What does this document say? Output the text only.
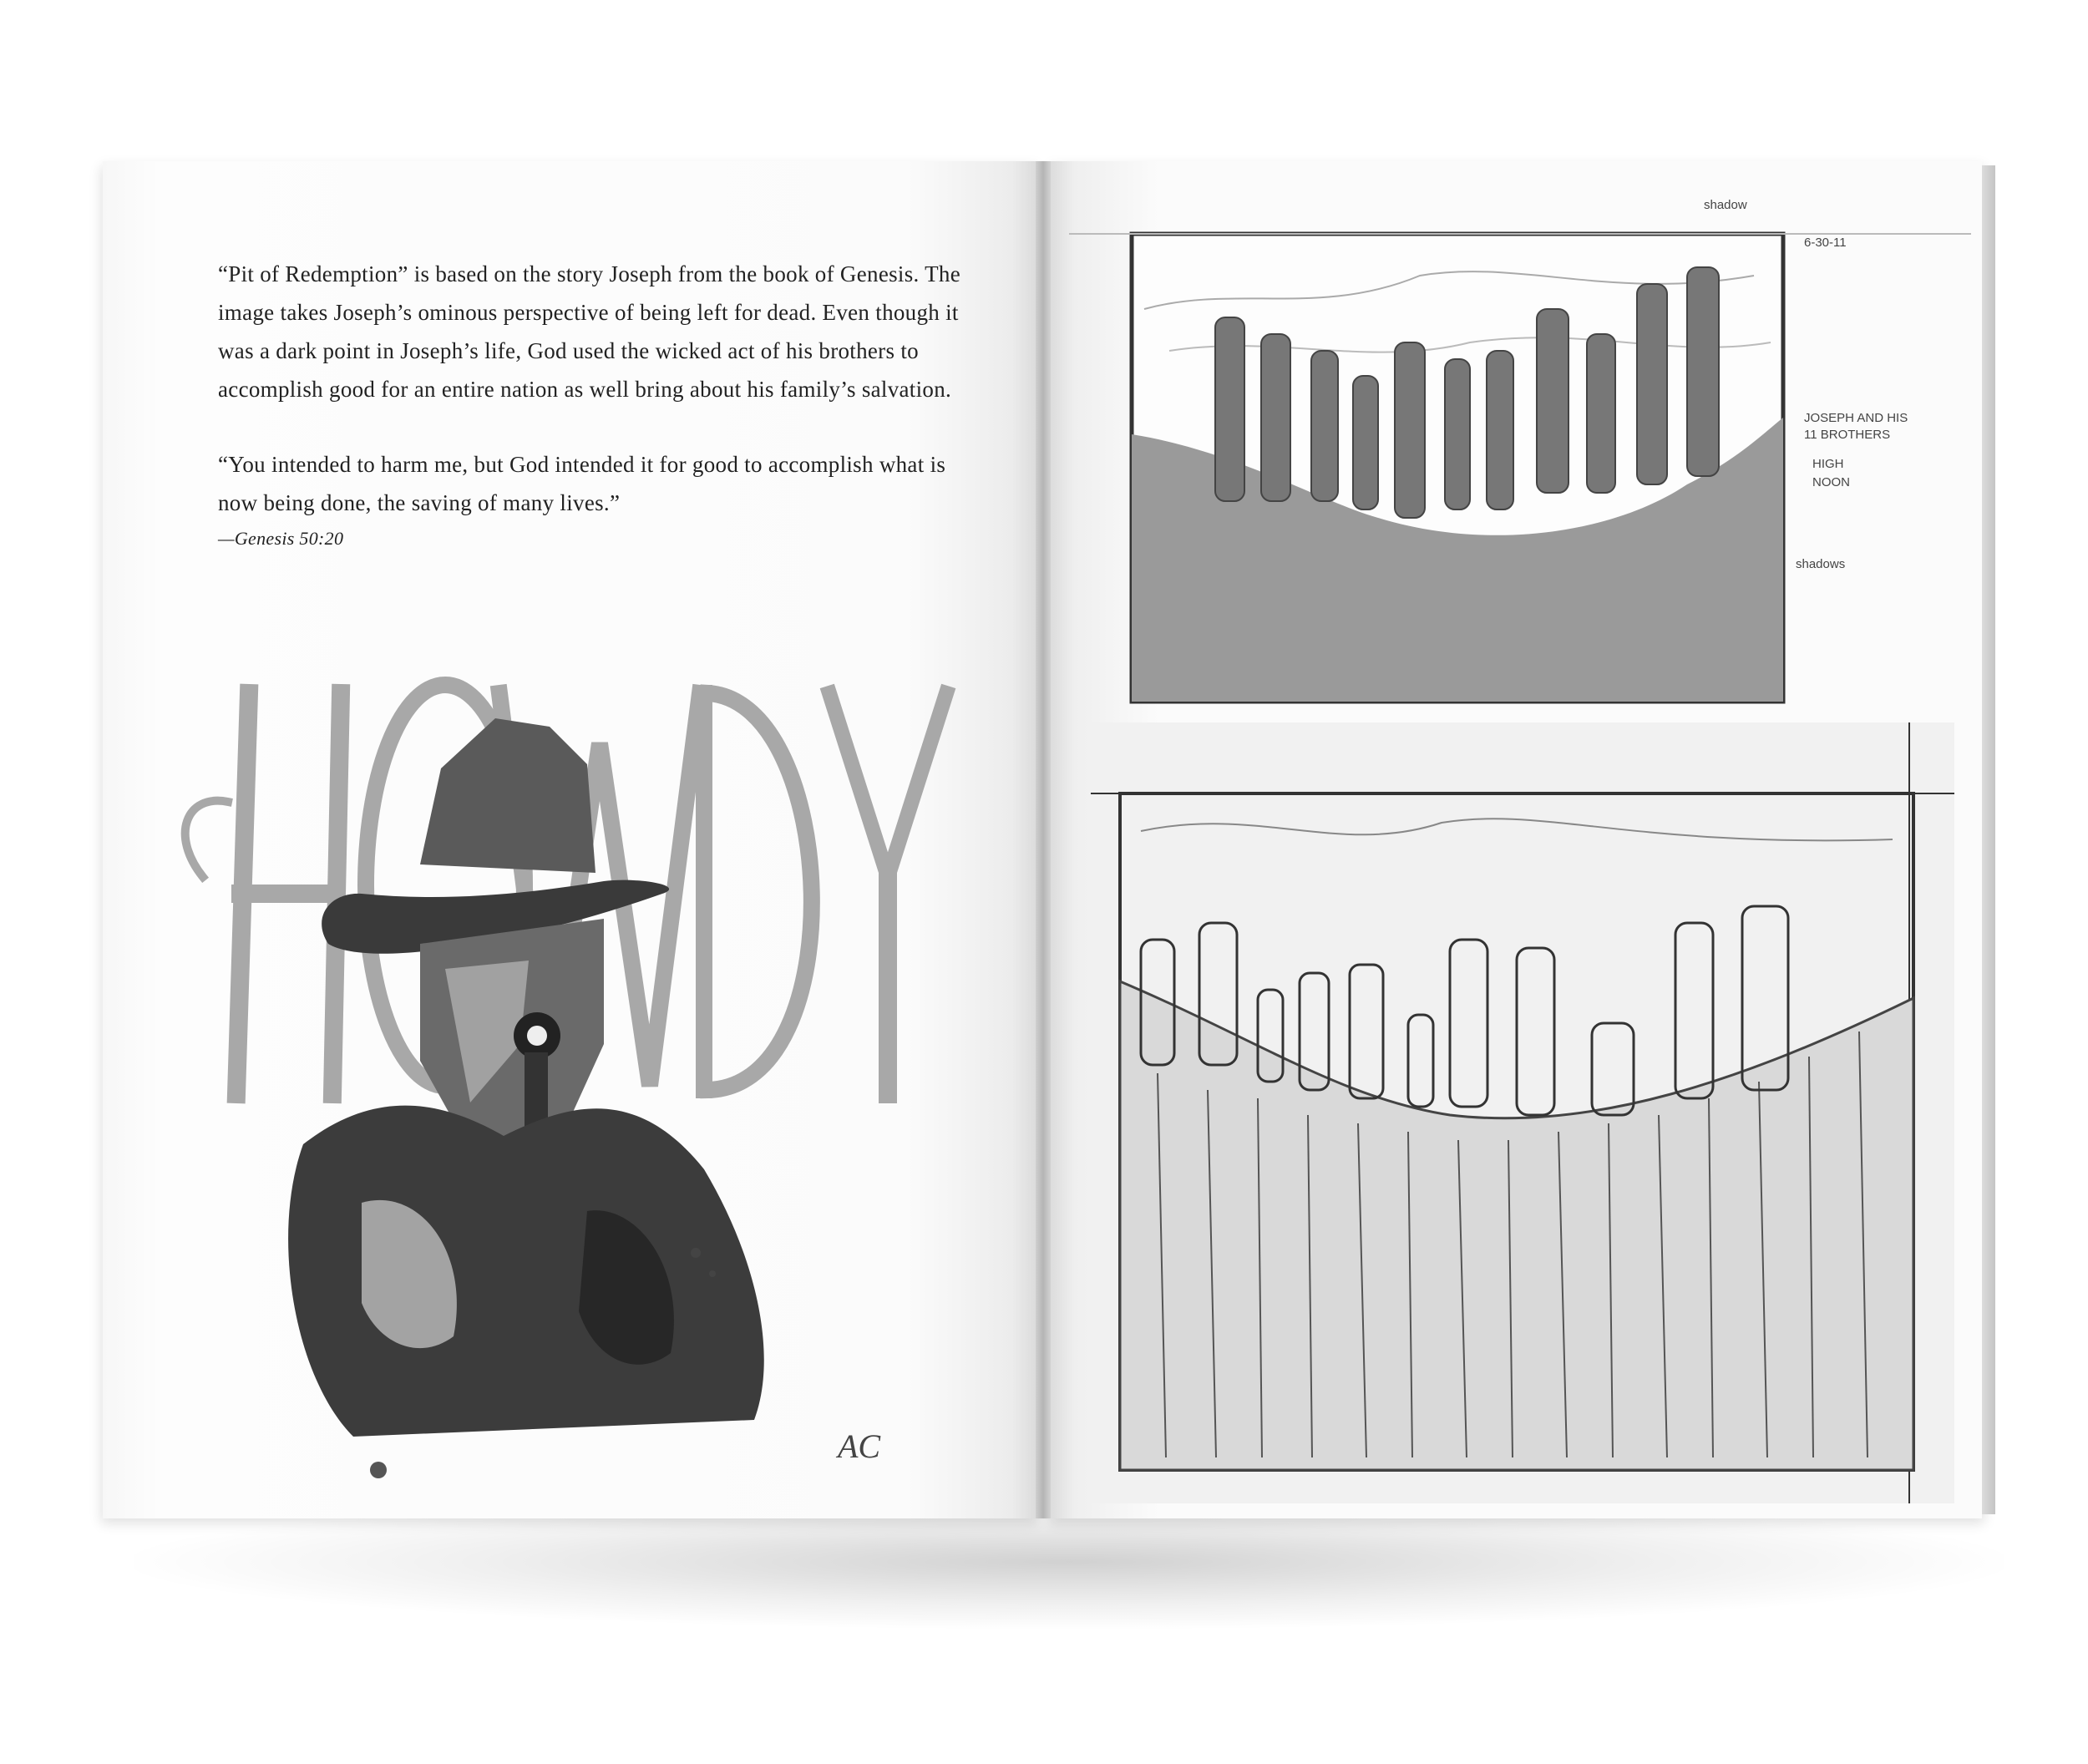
“Pit of Redemption” is based on the story Joseph from the book of Genesis. The image takes Joseph’s ominous perspective of being left for dead. Even though it was a dark point in Joseph’s life, God used the wicked act of his brothers to accomplish good for an entire nation as well bring about his family’s salvation.

“You intended to harm me, but God intended it for good to accomplish what is now being done, the saving of many lives.”

—Genesis 50:20

AC
shadow
6-30-11
JOSEPH AND HIS
11 BROTHERS
HIGH
NOON
shadows
